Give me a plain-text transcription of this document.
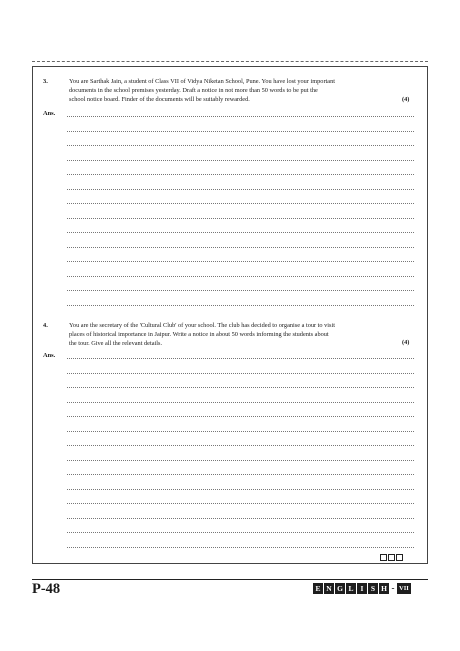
3.	You are Sarthak Jain, a student of Class VII of Vidya Niketan School, Pune. You have lost your important
documents in the school premises yesterday. Draft a notice in not more than 50 words to be put the
school notice board. Finder of the documents will be suitably rewarded.	(4)
Ans.
4.	You are the secretary of the 'Cultural Club' of your school. The club has decided to organise a tour to visit
places of historical importance in Jaipur. Write a notice in about 50 words informing the students about
the tour. Give all the relevant details.	(4)
Ans.
P-48	E N G L I S H - VII
